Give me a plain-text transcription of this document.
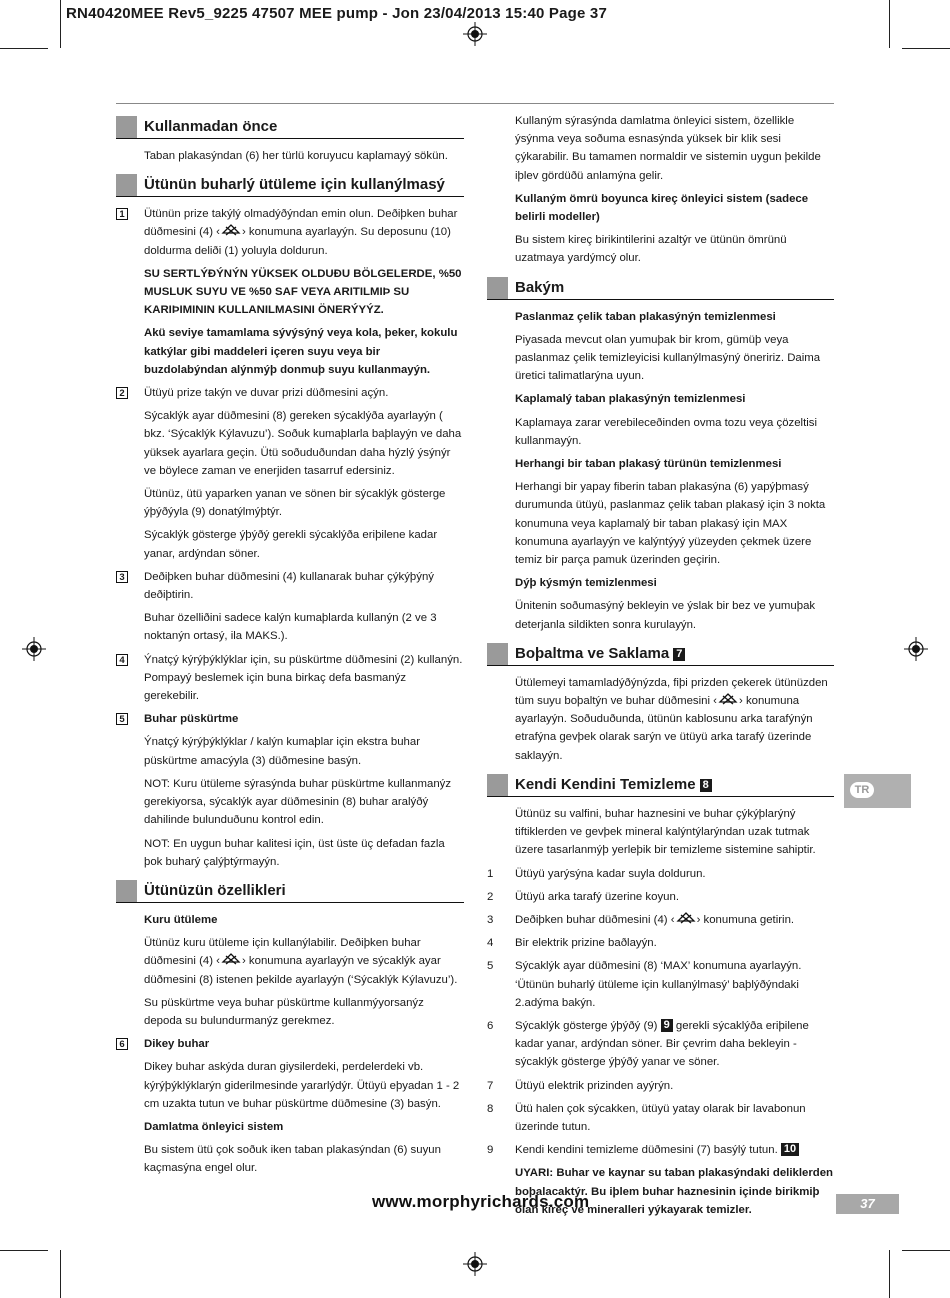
RN40420MEE Rev5_9225 47507 MEE pump - Jon 23/04/2013 15:40 Page 37
Kullanmadan önce
Taban plakasýndan (6) her türlü koruyucu kaplamayý sökün.
Ütünün buharlý ütüleme için kullanýlmasý
1 Ütünün prize takýlý olmadýðýndan emin olun. Deðiþken buhar düðmesini (4) ‹ › konumuna ayarlayýn. Su deposunu (10) doldurma deliði (1) yoluyla doldurun.
SU SERTLÝÐÝNÝN YÜKSEK OLDUÐU BÖLGELERDE, %50 MUSLUK SUYU VE %50 SAF VEYA ARITILMIÞ SU KARIÞIMININ KULLANILMASINI ÖNERÝYÝZ.
Akü seviye tamamlama sývýsýný veya kola, þeker, kokulu katkýlar gibi maddeleri içeren suyu veya bir buzdolabýndan alýnmýþ donmuþ suyu kullanmayýn.
2 Ütüyü prize takýn ve duvar prizi düðmesini açýn.
Sýcaklýk ayar düðmesini (8) gereken sýcaklýða ayarlayýn ( bkz. ‘Sýcaklýk Kýlavuzu’). Soðuk kumaþlarla baþlayýn ve daha yüksek ayarlara geçin. Ütü soðuduðundan daha hýzlý ýsýnýr ve böylece zaman ve enerjiden tasarruf edersiniz.
Ütünüz, ütü yaparken yanan ve sönen bir sýcaklýk gösterge ýþýðýyla (9) donatýlmýþtýr.
Sýcaklýk gösterge ýþýðý gerekli sýcaklýða eriþilene kadar yanar, ardýndan söner.
3 Deðiþken buhar düðmesini (4) kullanarak buhar çýkýþýný deðiþtirin.
Buhar özelliðini sadece kalýn kumaþlarda kullanýn (2 ve 3 noktanýn ortasý, ila MAKS.).
4 Ýnatçý kýrýþýklýklar için, su püskürtme düðmesini (2) kullanýn. Pompayý beslemek için buna birkaç defa basmanýz gerekebilir.
5 Buhar püskürtme
Ýnatçý kýrýþýklýklar / kalýn kumaþlar için ekstra buhar püskürtme amacýyla (3) düðmesine basýn.
NOT: Kuru ütüleme sýrasýnda buhar püskürtme kullanmanýz gerekiyorsa, sýcaklýk ayar düðmesinin (8) buhar aralýðý dahilinde bulunduðunu kontrol edin.
NOT: En uygun buhar kalitesi için, üst üste üç defadan fazla þok buharý çalýþtýrmayýn.
Ütünüzün özellikleri
Kuru ütüleme
Ütünüz kuru ütüleme için kullanýlabilir. Deðiþken buhar düðmesini (4) ‹ › konumuna ayarlayýn ve sýcaklýk ayar düðmesini (8) istenen þekilde ayarlayýn (‘Sýcaklýk Kýlavuzu’).
Su püskürtme veya buhar püskürtme kullanmýyorsanýz depoda su bulundurmanýz gerekmez.
6 Dikey buhar
Dikey buhar askýda duran giysilerdeki, perdelerdeki vb. kýrýþýklýklarýn giderilmesinde yararlýdýr. Ütüyü eþyadan 1 - 2 cm uzakta tutun ve buhar püskürtme düðmesine (3) basýn.
Damlatma önleyici sistem
Bu sistem ütü çok soðuk iken taban plakasýndan (6) suyun kaçmasýna engel olur.
Kullaným sýrasýnda damlatma önleyici sistem, özellikle ýsýnma veya soðuma esnasýnda yüksek bir klik sesi çýkarabilir. Bu tamamen normaldir ve sistemin uygun þekilde iþlev gördüðü anlamýna gelir.
Kullaným ömrü boyunca kireç önleyici sistem (sadece belirli modeller)
Bu sistem kireç birikintilerini azaltýr ve ütünün ömrünü uzatmaya yardýmcý olur.
Bakým
Paslanmaz çelik taban plakasýnýn temizlenmesi
Piyasada mevcut olan yumuþak bir krom, gümüþ veya paslanmaz çelik temizleyicisi kullanýlmasýný öneririz. Daima üretici talimatlarýna uyun.
Kaplamalý taban plakasýnýn temizlenmesi
Kaplamaya zarar verebileceðinden ovma tozu veya çözeltisi kullanmayýn.
Herhangi bir taban plakasý türünün temizlenmesi
Herhangi bir yapay fiberin taban plakasýna (6) yapýþmasý durumunda ütüyü, paslanmaz çelik taban plakasý için 3 nokta konumuna veya kaplamalý bir taban plakasý için MAX konumuna ayarlayýn ve kalýntýyý yüzeyden çekmek üzere temiz bir parça pamuk üzerinden geçirin.
Dýþ kýsmýn temizlenmesi
Ünitenin soðumasýný bekleyin ve ýslak bir bez ve yumuþak deterjanla sildikten sonra kurulayýn.
Boþaltma ve Saklama 7
Ütülemeyi tamamladýðýnýzda, fiþi prizden çekerek ütünüzden tüm suyu boþaltýn ve buhar düðmesini ‹ › konumuna ayarlayýn. Soðuduðunda, ütünün kablosunu arka tarafýnýn etrafýna gevþek olarak sarýn ve ütüyü arka tarafý üzerinde saklayýn.
Kendi Kendini Temizleme 8
Ütünüz su valfini, buhar haznesini ve buhar çýkýþlarýný tiftiklerden ve gevþek mineral kalýntýlarýndan uzak tutmak üzere tasarlanmýþ yerleþik bir temizleme sistemine sahiptir.
1	Ütüyü yarýsýna kadar suyla doldurun.
2	Ütüyü arka tarafý üzerine koyun.
3	Deðiþken buhar düðmesini (4) ‹ › konumuna getirin.
4	Bir elektrik prizine baðlayýn.
5	Sýcaklýk ayar düðmesini (8) ‘MAX’ konumuna ayarlayýn. ‘Ütünün buharlý ütüleme için kullanýlmasý’ baþlýðýndaki 2.adýma bakýn.
6	Sýcaklýk gösterge ýþýðý (9) 9 gerekli sýcaklýða eriþilene kadar yanar, ardýndan söner. Bir çevrim daha bekleyin - sýcaklýk gösterge ýþýðý yanar ve söner.
7	Ütüyü elektrik prizinden ayýrýn.
8	Ütü halen çok sýcakken, ütüyü yatay olarak bir lavabonun üzerinde tutun.
9	Kendi kendini temizleme düðmesini (7) basýlý tutun. 10
UYARI: Buhar ve kaynar su taban plakasýndaki deliklerden boþalacaktýr. Bu iþlem buhar haznesinin içinde birikmiþ olan kireç ve mineralleri yýkayarak temizler.
TR
www.morphyrichards.com	37
